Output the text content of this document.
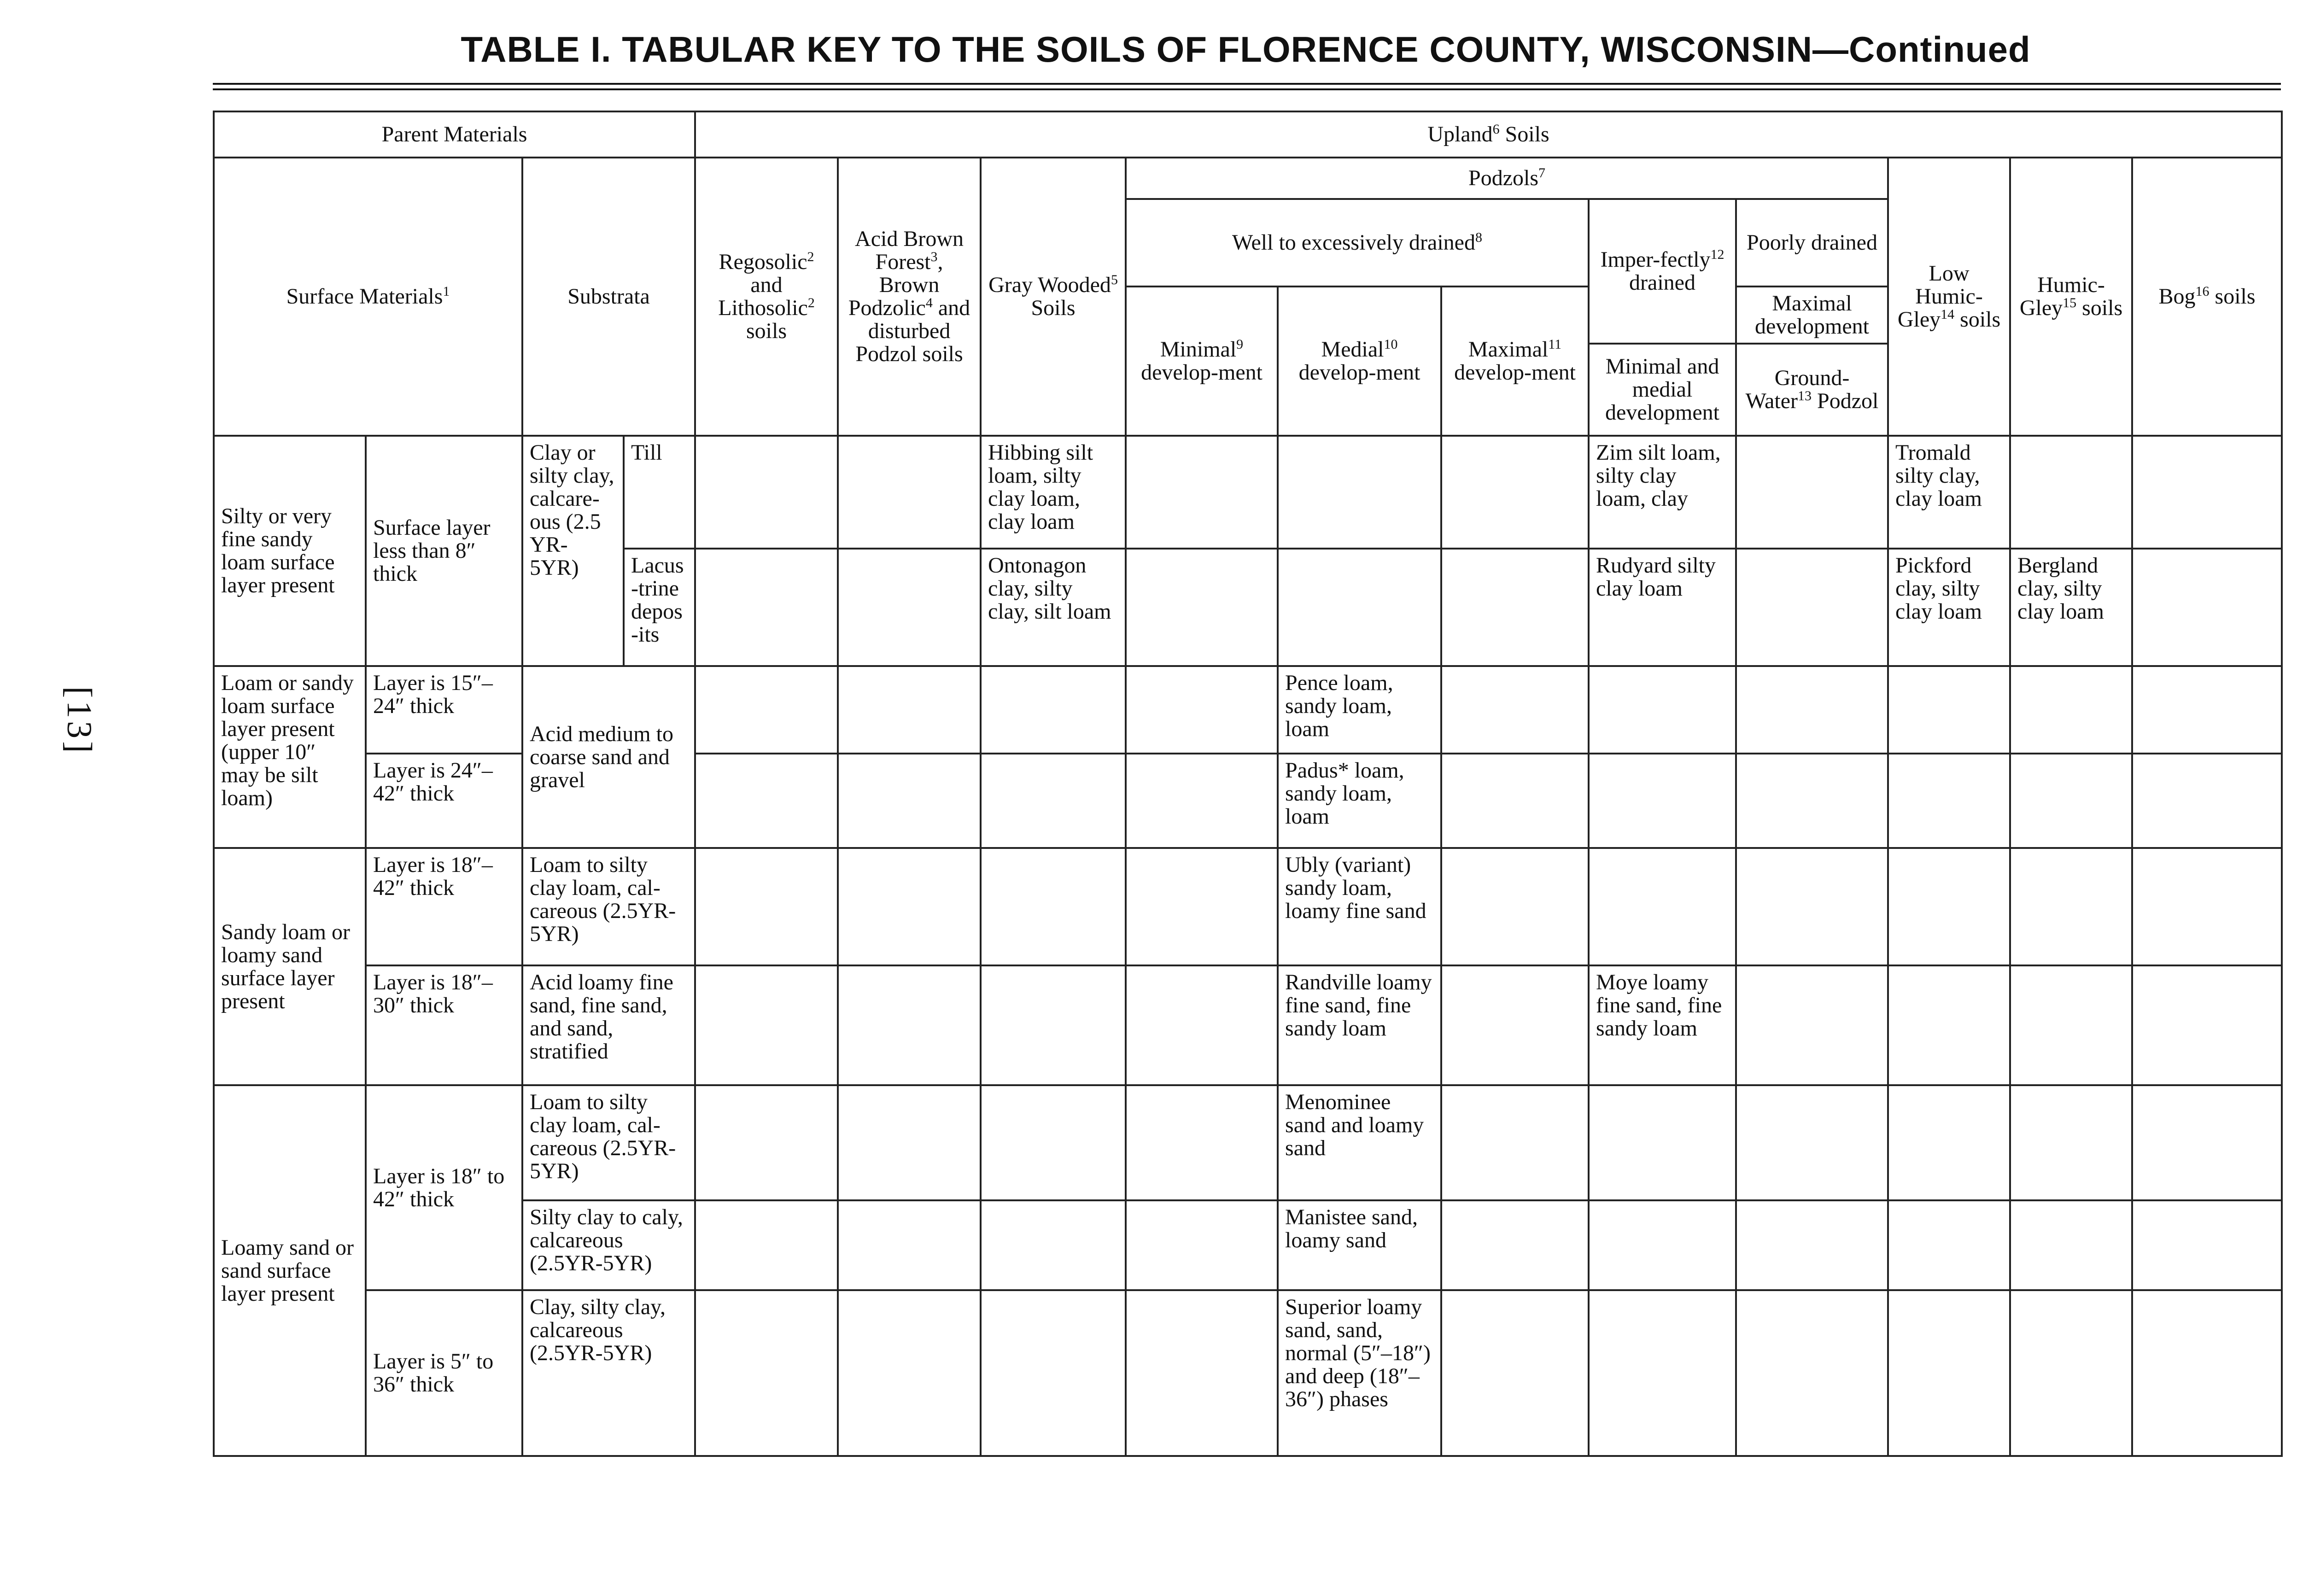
TABLE I. TABULAR KEY TO THE SOILS OF FLORENCE COUNTY, WISCONSIN—Continued
[13]
Parent Materials				Upland$^6$ Soils										
Surface Materials$^1$		Substrata		Regosolic$^2$ and Lithosolic$^2$ soils	Acid Brown Forest$^3$, Brown Podzolic$^4$ and disturbed Podzol soils	Gray Wooded$^5$ Soils	Podzols$^7$					Low Humic-Gley$^{14}$ soils	Humic-Gley$^{15}$ soils	Bog$^{16}$ soils
							Well to excessively drained$^8$			Imper-fectly$^{12}$ drained	Poorly drained			
							Minimal$^9$ develop-ment	Medial$^{10}$ develop-ment	Maximal$^{11}$ develop-ment		Maximal development			
										Minimal and medial development	Ground-Water$^{13}$ Podzol			
Silty or very fine sandy loam surface layer present	Surface layer less than 8″ thick	Clay or silty clay, calcare-ous (2.5 YR-5YR)	Till			Hibbing silt loam, silty clay loam, clay loam				Zim silt loam, silty clay loam, clay		Tromald silty clay, clay loam		
			Lacus-trine depos-its			Ontonagon clay, silty clay, silt loam				Rudyard silty clay loam		Pickford clay, silty clay loam	Bergland clay, silty clay loam	
Loam or sandy loam surface layer present (upper 10″ may be silt loam)	Layer is 15″–24″ thick	Acid medium to coarse sand and gravel						Pence loam, sandy loam, loam						
	Layer is 24″–42″ thick							Padus* loam, sandy loam, loam						
Sandy loam or loamy sand surface layer present	Layer is 18″–42″ thick	Loam to silty clay loam, cal-careous (2.5YR-5YR)						Ubly (variant) sandy loam, loamy fine sand						
	Layer is 18″–30″ thick	Acid loamy fine sand, fine sand, and sand, stratified						Randville loamy fine sand, fine sandy loam		Moye loamy fine sand, fine sandy loam				
Loamy sand or sand surface layer present	Layer is 18″ to 42″ thick	Loam to silty clay loam, cal-careous (2.5YR-5YR)						Menominee sand and loamy sand						
		Silty clay to caly, calcareous (2.5YR-5YR)						Manistee sand, loamy sand						
	Layer is 5″ to 36″ thick	Clay, silty clay, calcareous (2.5YR-5YR)						Superior loamy sand, sand, normal (5″–18″) and deep (18″–36″) phases						
